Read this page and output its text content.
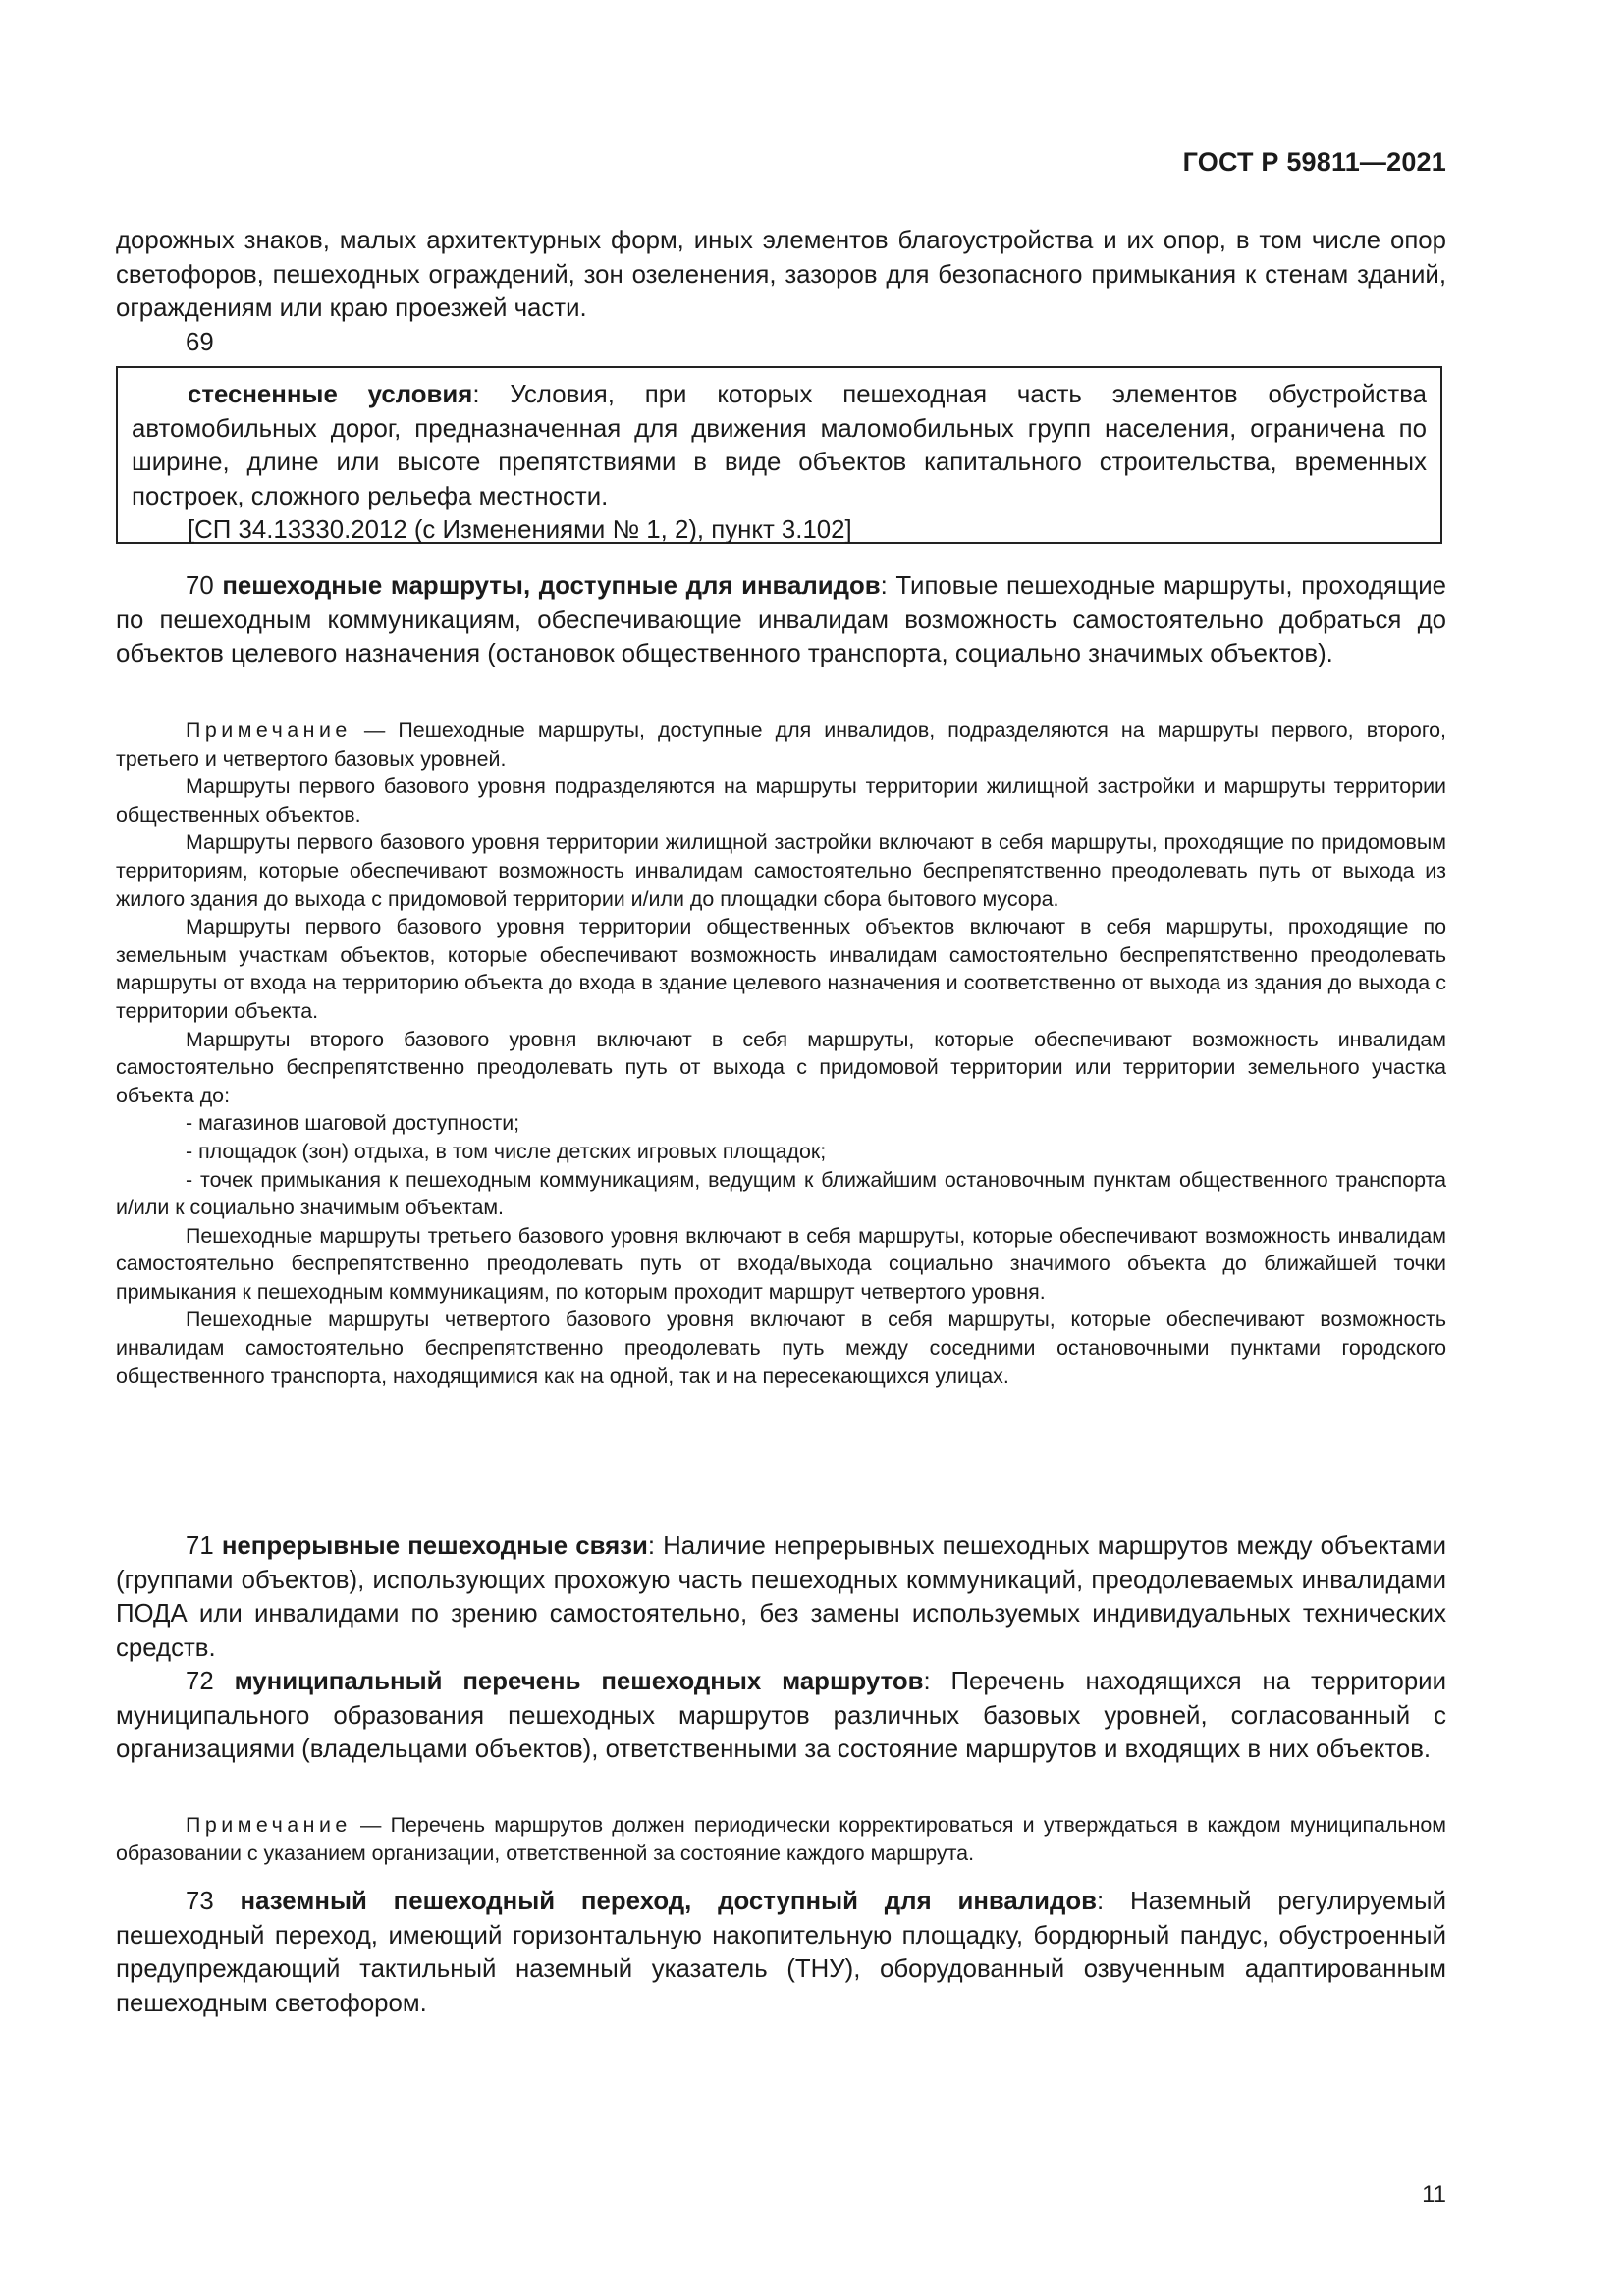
ГОСТ Р 59811—2021

дорожных знаков, малых архитектурных форм, иных элементов благоустройства и их опор, в том числе опор светофоров, пешеходных ограждений, зон озеленения, зазоров для безопасного примыкания к стенам зданий, ограждениям или краю проезжей части.

69

стесненные условия: Условия, при которых пешеходная часть элементов обустройства автомобильных дорог, предназначенная для движения маломобильных групп населения, ограничена по ширине, длине или высоте препятствиями в виде объектов капитального строительства, временных построек, сложного рельефа местности.

[СП 34.13330.2012 (с Изменениями № 1, 2), пункт 3.102]

70 пешеходные маршруты, доступные для инвалидов: Типовые пешеходные маршруты, проходящие по пешеходным коммуникациям, обеспечивающие инвалидам возможность самостоятельно добраться до объектов целевого назначения (остановок общественного транспорта, социально значимых объектов).

Примечание — Пешеходные маршруты, доступные для инвалидов, подразделяются на маршруты первого, второго, третьего и четвертого базовых уровней.

Маршруты первого базового уровня подразделяются на маршруты территории жилищной застройки и маршруты территории общественных объектов.

Маршруты первого базового уровня территории жилищной застройки включают в себя маршруты, проходящие по придомовым территориям, которые обеспечивают возможность инвалидам самостоятельно беспрепятственно преодолевать путь от выхода из жилого здания до выхода с придомовой территории и/или до площадки сбора бытового мусора.

Маршруты первого базового уровня территории общественных объектов включают в себя маршруты, проходящие по земельным участкам объектов, которые обеспечивают возможность инвалидам самостоятельно беспрепятственно преодолевать маршруты от входа на территорию объекта до входа в здание целевого назначения и соответственно от выхода из здания до выхода с территории объекта.

Маршруты второго базового уровня включают в себя маршруты, которые обеспечивают возможность инвалидам самостоятельно беспрепятственно преодолевать путь от выхода с придомовой территории или территории земельного участка объекта до:

- магазинов шаговой доступности;

- площадок (зон) отдыха, в том числе детских игровых площадок;

- точек примыкания к пешеходным коммуникациям, ведущим к ближайшим остановочным пунктам общественного транспорта и/или к социально значимым объектам.

Пешеходные маршруты третьего базового уровня включают в себя маршруты, которые обеспечивают возможность инвалидам самостоятельно беспрепятственно преодолевать путь от входа/выхода социально значимого объекта до ближайшей точки примыкания к пешеходным коммуникациям, по которым проходит маршрут четвертого уровня.

Пешеходные маршруты четвертого базового уровня включают в себя маршруты, которые обеспечивают возможность инвалидам самостоятельно беспрепятственно преодолевать путь между соседними остановочными пунктами городского общественного транспорта, находящимися как на одной, так и на пересекающихся улицах.

71 непрерывные пешеходные связи: Наличие непрерывных пешеходных маршрутов между объектами (группами объектов), использующих прохожую часть пешеходных коммуникаций, преодолеваемых инвалидами ПОДА или инвалидами по зрению самостоятельно, без замены используемых индивидуальных технических средств.

72 муниципальный перечень пешеходных маршрутов: Перечень находящихся на территории муниципального образования пешеходных маршрутов различных базовых уровней, согласованный с организациями (владельцами объектов), ответственными за состояние маршрутов и входящих в них объектов.

Примечание — Перечень маршрутов должен периодически корректироваться и утверждаться в каждом муниципальном образовании с указанием организации, ответственной за состояние каждого маршрута.

73 наземный пешеходный переход, доступный для инвалидов: Наземный регулируемый пешеходный переход, имеющий горизонтальную накопительную площадку, бордюрный пандус, обустроенный предупреждающий тактильный наземный указатель (ТНУ), оборудованный озвученным адаптированным пешеходным светофором.

11
